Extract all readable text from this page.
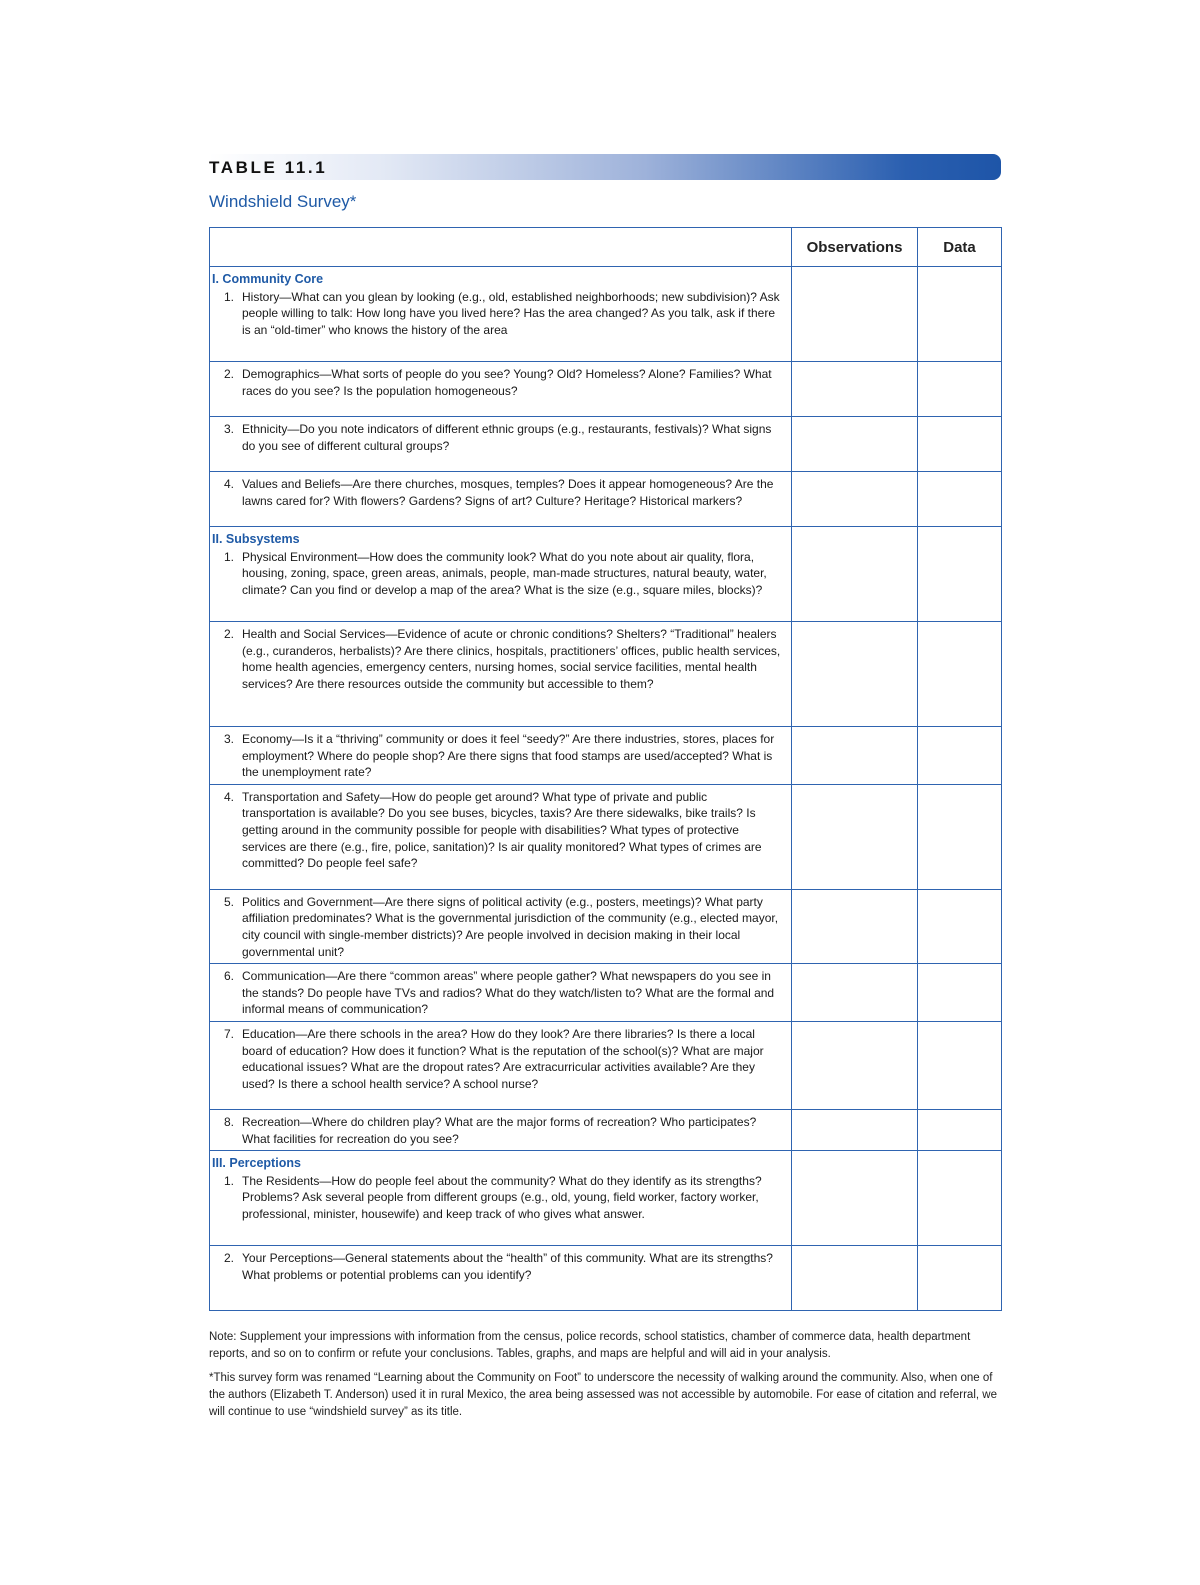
TABLE 11.1
Windshield Survey*
	Observations	Data

I. Community Core
1. History—What can you glean by looking (e.g., old, established neighborhoods; new subdivision)? Ask people willing to talk: How long have you lived here? Has the area changed? As you talk, ask if there is an “old-timer” who knows the history of the area		

2. Demographics—What sorts of people do you see? Young? Old? Homeless? Alone? Families? What races do you see? Is the population homogeneous?		

3. Ethnicity—Do you note indicators of different ethnic groups (e.g., restaurants, festivals)? What signs do you see of different cultural groups?		

4. Values and Beliefs—Are there churches, mosques, temples? Does it appear homogeneous? Are the lawns cared for? With flowers? Gardens? Signs of art? Culture? Heritage? Historical markers?		

II. Subsystems
1. Physical Environment—How does the community look? What do you note about air quality, flora, housing, zoning, space, green areas, animals, people, man-made structures, natural beauty, water, climate? Can you find or develop a map of the area? What is the size (e.g., square miles, blocks)?		

2. Health and Social Services—Evidence of acute or chronic conditions? Shelters? “Traditional” healers (e.g., curanderos, herbalists)? Are there clinics, hospitals, practitioners’ offices, public health services, home health agencies, emergency centers, nursing homes, social service facilities, mental health services? Are there resources outside the community but accessible to them?		

3. Economy—Is it a “thriving” community or does it feel “seedy?” Are there industries, stores, places for employment? Where do people shop? Are there signs that food stamps are used/accepted? What is the unemployment rate?		

4. Transportation and Safety—How do people get around? What type of private and public transportation is available? Do you see buses, bicycles, taxis? Are there sidewalks, bike trails? Is getting around in the community possible for people with disabilities? What types of protective services are there (e.g., fire, police, sanitation)? Is air quality monitored? What types of crimes are committed? Do people feel safe?		

5. Politics and Government—Are there signs of political activity (e.g., posters, meetings)? What party affiliation predominates? What is the governmental jurisdiction of the community (e.g., elected mayor, city council with single-member districts)? Are people involved in decision making in their local governmental unit?		

6. Communication—Are there “common areas” where people gather? What newspapers do you see in the stands? Do people have TVs and radios? What do they watch/listen to? What are the formal and informal means of communication?		

7. Education—Are there schools in the area? How do they look? Are there libraries? Is there a local board of education? How does it function? What is the reputation of the school(s)? What are major educational issues? What are the dropout rates? Are extracurricular activities available? Are they used? Is there a school health service? A school nurse?		

8. Recreation—Where do children play? What are the major forms of recreation? Who participates? What facilities for recreation do you see?		

III. Perceptions
1. The Residents—How do people feel about the community? What do they identify as its strengths? Problems? Ask several people from different groups (e.g., old, young, field worker, factory worker, professional, minister, housewife) and keep track of who gives what answer.		

2. Your Perceptions—General statements about the “health” of this community. What are its strengths? What problems or potential problems can you identify?		

Note: Supplement your impressions with information from the census, police records, school statistics, chamber of commerce data, health department reports, and so on to confirm or refute your conclusions. Tables, graphs, and maps are helpful and will aid in your analysis.

*This survey form was renamed “Learning about the Community on Foot” to underscore the necessity of walking around the community. Also, when one of the authors (Elizabeth T. Anderson) used it in rural Mexico, the area being assessed was not accessible by automobile. For ease of citation and referral, we will continue to use “windshield survey” as its title.
